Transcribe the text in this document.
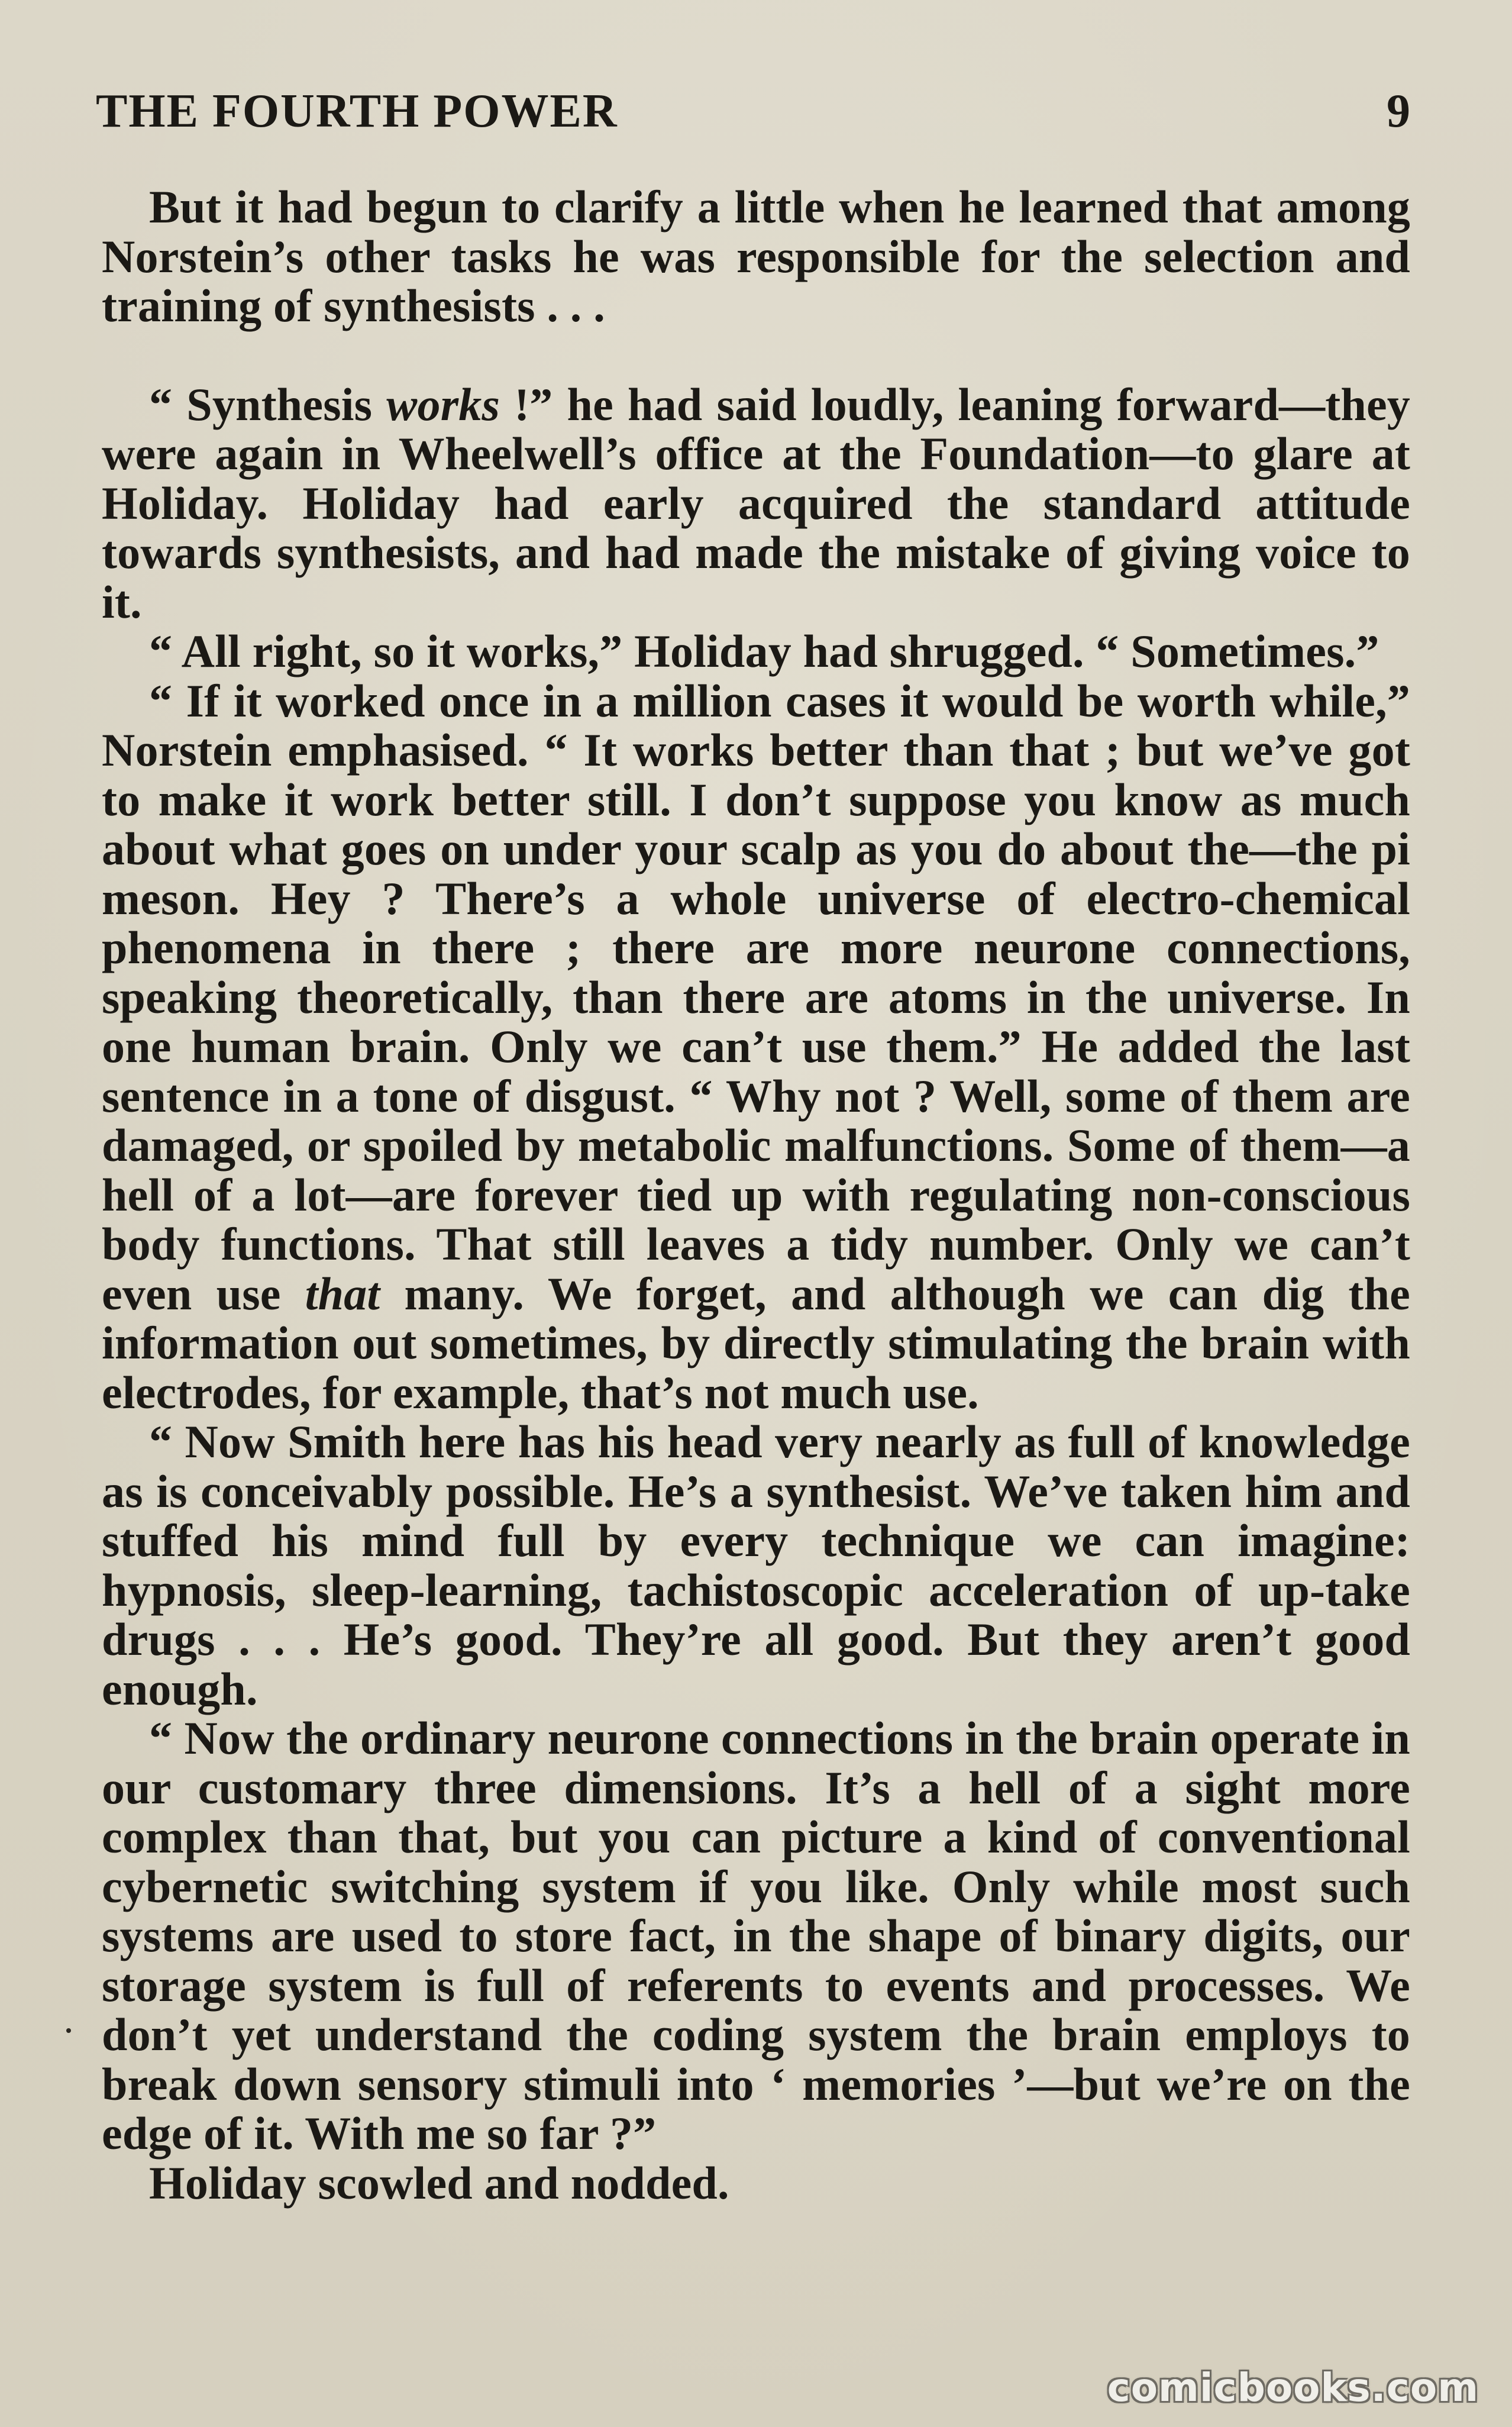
THE FOURTH POWER	9

But it had begun to clarify a little when he learned that among Norstein’s other tasks he was responsible for the selection and training of synthesists . . .

“ Synthesis works !” he had said loudly, leaning forward—they were again in Wheelwell’s office at the Foundation—to glare at Holiday. Holiday had early acquired the standard attitude towards synthesists, and had made the mistake of giving voice to it.

“ All right, so it works,” Holiday had shrugged. “ Sometimes.”

“ If it worked once in a million cases it would be worth while,” Norstein emphasised. “ It works better than that ; but we’ve got to make it work better still. I don’t suppose you know as much about what goes on under your scalp as you do about the—the pi meson. Hey ? There’s a whole universe of electro-chemical phenomena in there ; there are more neurone connections, speaking theoretically, than there are atoms in the universe. In one human brain. Only we can’t use them.” He added the last sentence in a tone of disgust. “ Why not ? Well, some of them are damaged, or spoiled by metabolic malfunctions. Some of them—a hell of a lot—are forever tied up with regulating non-conscious body functions. That still leaves a tidy number. Only we can’t even use that many. We forget, and although we can dig the information out sometimes, by directly stimulating the brain with electrodes, for example, that’s not much use.

“ Now Smith here has his head very nearly as full of knowledge as is conceivably possible. He’s a synthesist. We’ve taken him and stuffed his mind full by every technique we can imagine: hypnosis, sleep-learning, tachistoscopic acceleration of up-take drugs . . . He’s good. They’re all good. But they aren’t good enough.

“ Now the ordinary neurone connections in the brain operate in our customary three dimensions. It’s a hell of a sight more complex than that, but you can picture a kind of conventional cybernetic switching system if you like. Only while most such systems are used to store fact, in the shape of binary digits, our storage system is full of referents to events and processes. We don’t yet understand the coding system the brain employs to break down sensory stimuli into ‘ memories ’—but we’re on the edge of it. With me so far ?”

Holiday scowled and nodded.

comicbooks.com
